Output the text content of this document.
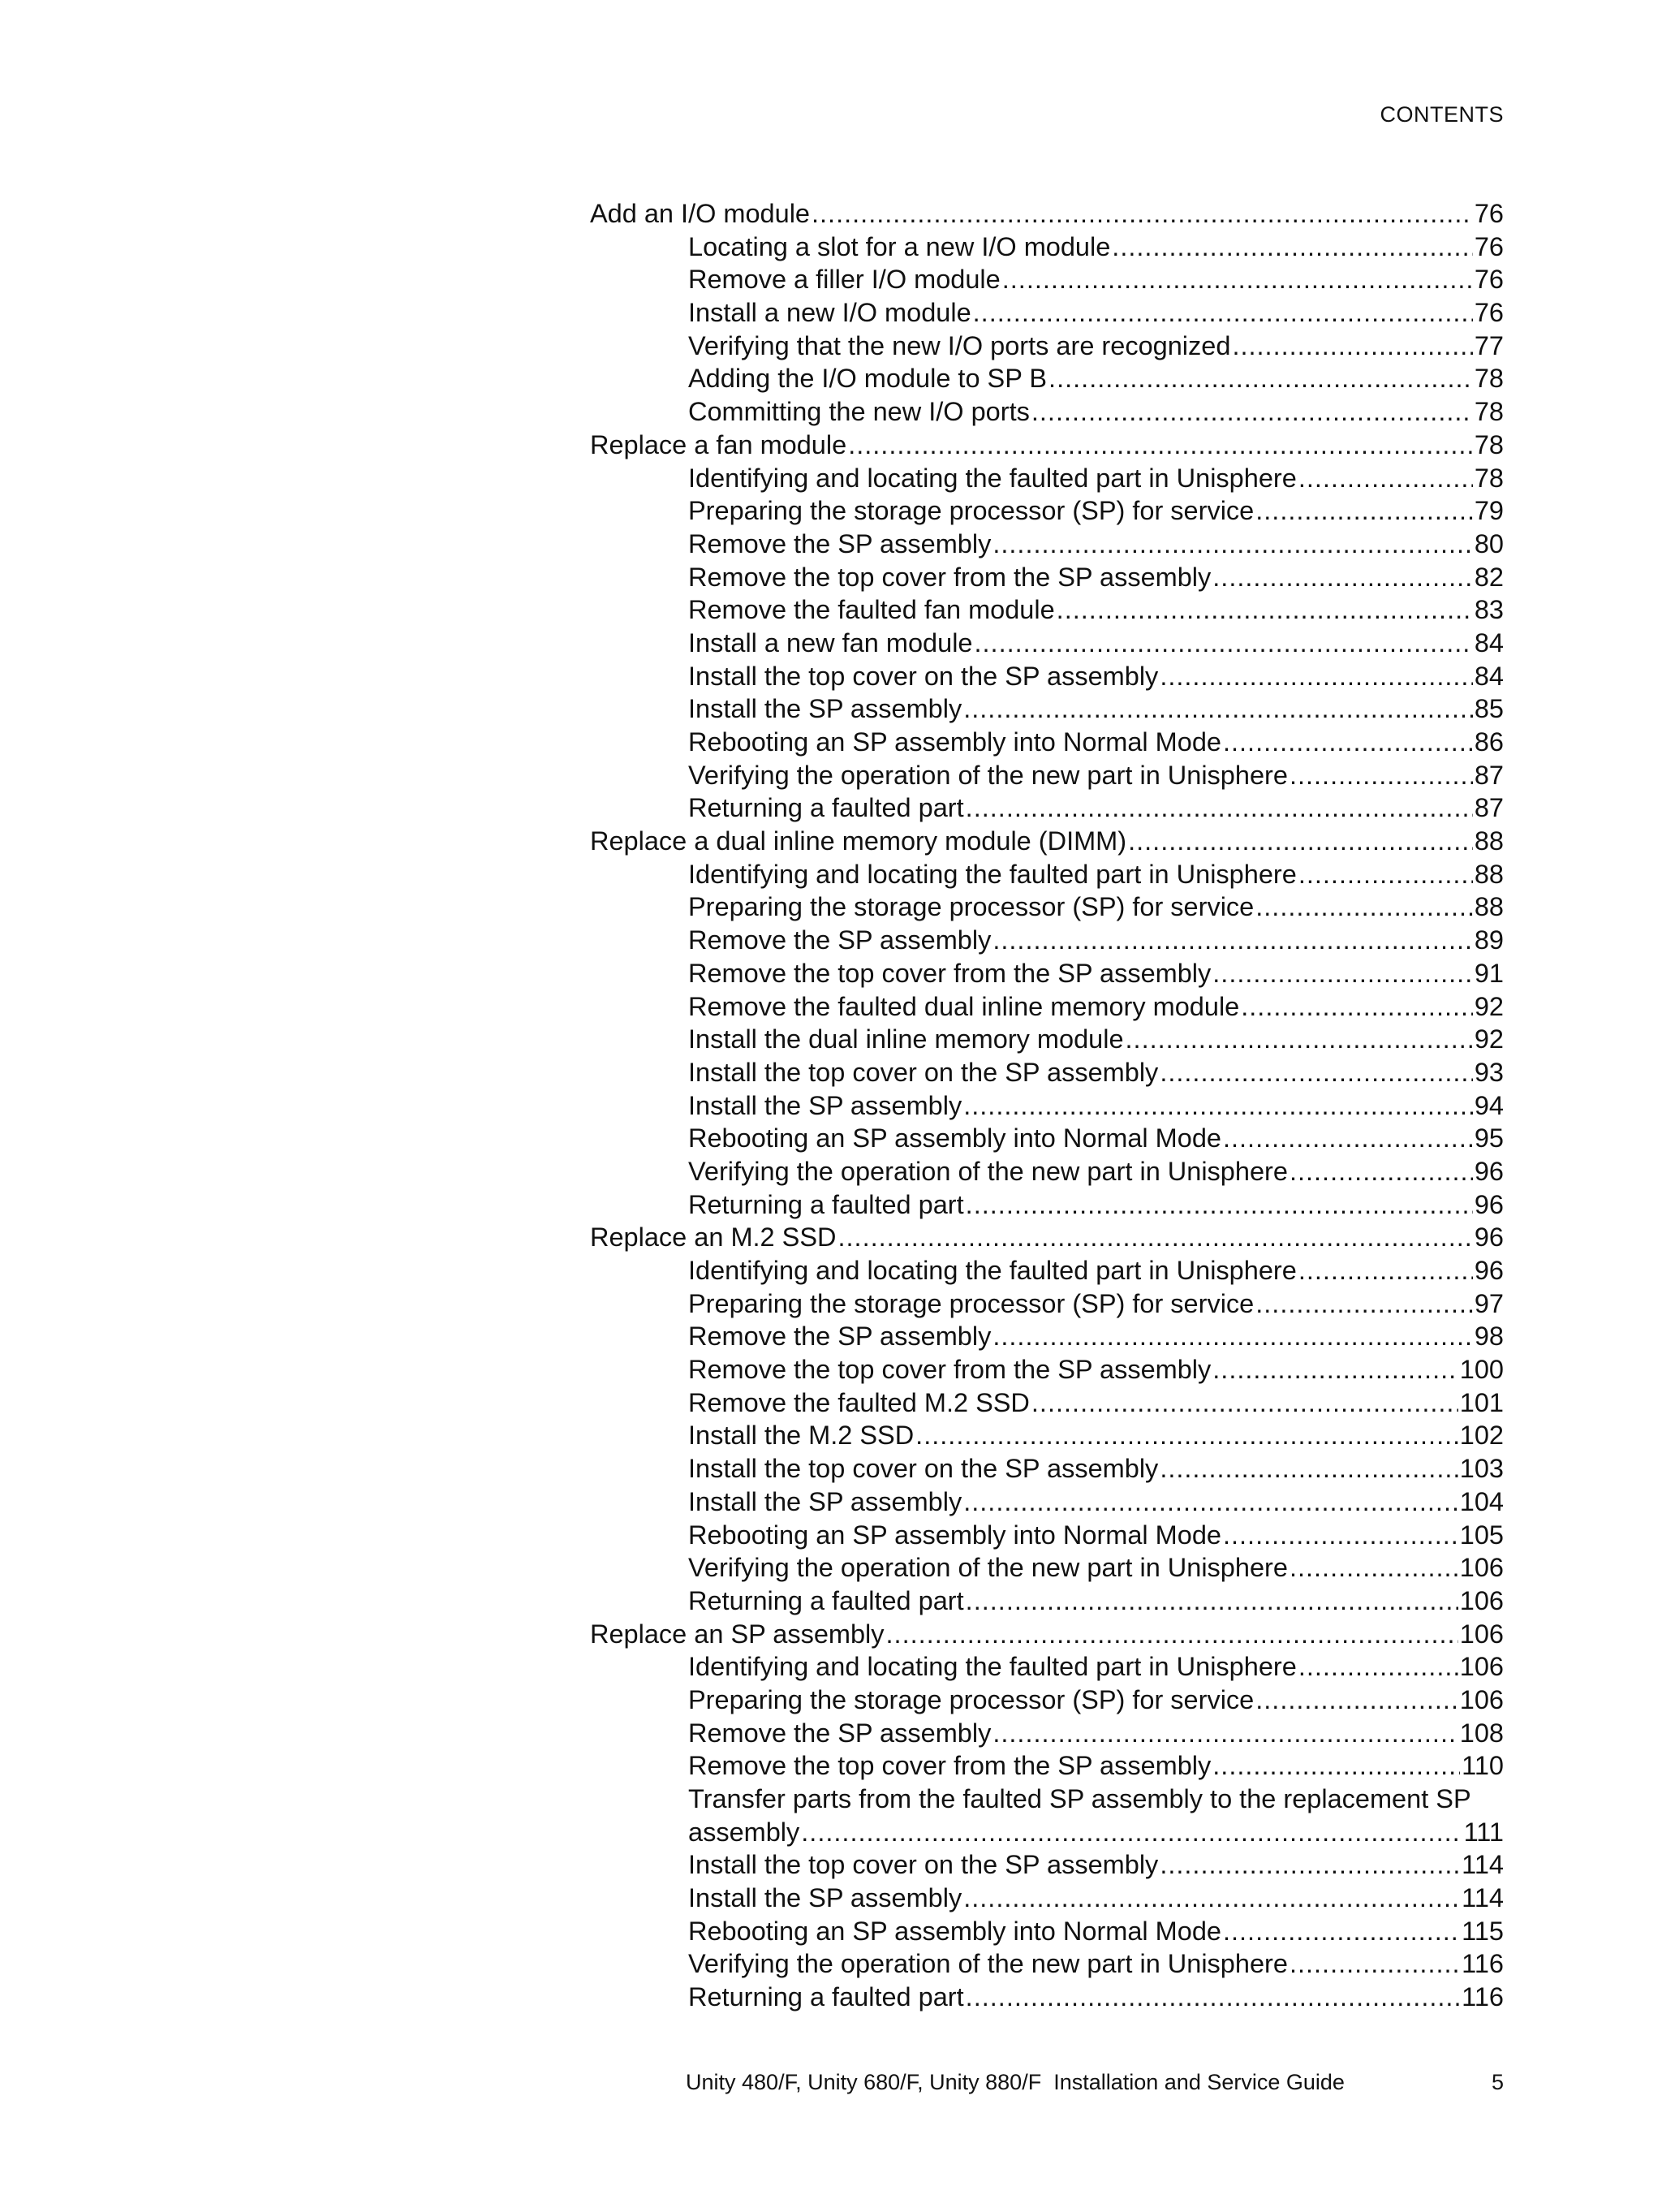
CONTENTS
Add an I/O module .....	76
Locating a slot for a new I/O module .....	76
Remove a filler I/O module .....	76
Install a new I/O module .....	76
Verifying that the new I/O ports are recognized .....	77
Adding the I/O module to SP B .....	78
Committing the new I/O ports .....	78
Replace a fan module .....	78
Identifying and locating the faulted part in Unisphere .....	78
Preparing the storage processor (SP) for service .....	79
Remove the SP assembly .....	80
Remove the top cover from the SP assembly .....	82
Remove the faulted fan module .....	83
Install a new fan module .....	84
Install the top cover on the SP assembly .....	84
Install the SP assembly .....	85
Rebooting an SP assembly into Normal Mode .....	86
Verifying the operation of the new part in Unisphere .....	87
Returning a faulted part .....	87
Replace a dual inline memory module (DIMM) .....	88
Identifying and locating the faulted part in Unisphere .....	88
Preparing the storage processor (SP) for service .....	88
Remove the SP assembly .....	89
Remove the top cover from the SP assembly .....	91
Remove the faulted dual inline memory module .....	92
Install the dual inline memory module .....	92
Install the top cover on the SP assembly .....	93
Install the SP assembly .....	94
Rebooting an SP assembly into Normal Mode .....	95
Verifying the operation of the new part in Unisphere .....	96
Returning a faulted part .....	96
Replace an M.2 SSD .....	96
Identifying and locating the faulted part in Unisphere .....	96
Preparing the storage processor (SP) for service .....	97
Remove the SP assembly .....	98
Remove the top cover from the SP assembly .....	100
Remove the faulted M.2 SSD .....	101
Install the M.2 SSD .....	102
Install the top cover on the SP assembly .....	103
Install the SP assembly .....	104
Rebooting an SP assembly into Normal Mode .....	105
Verifying the operation of the new part in Unisphere .....	106
Returning a faulted part .....	106
Replace an SP assembly .....	106
Identifying and locating the faulted part in Unisphere .....	106
Preparing the storage processor (SP) for service .....	106
Remove the SP assembly .....	108
Remove the top cover from the SP assembly .....	110
Transfer parts from the faulted SP assembly to the replacement SP
assembly .....	111
Install the top cover on the SP assembly .....	114
Install the SP assembly .....	114
Rebooting an SP assembly into Normal Mode .....	115
Verifying the operation of the new part in Unisphere .....	116
Returning a faulted part .....	116
Unity 480/F, Unity 680/F, Unity 880/F  Installation and Service Guide	5
